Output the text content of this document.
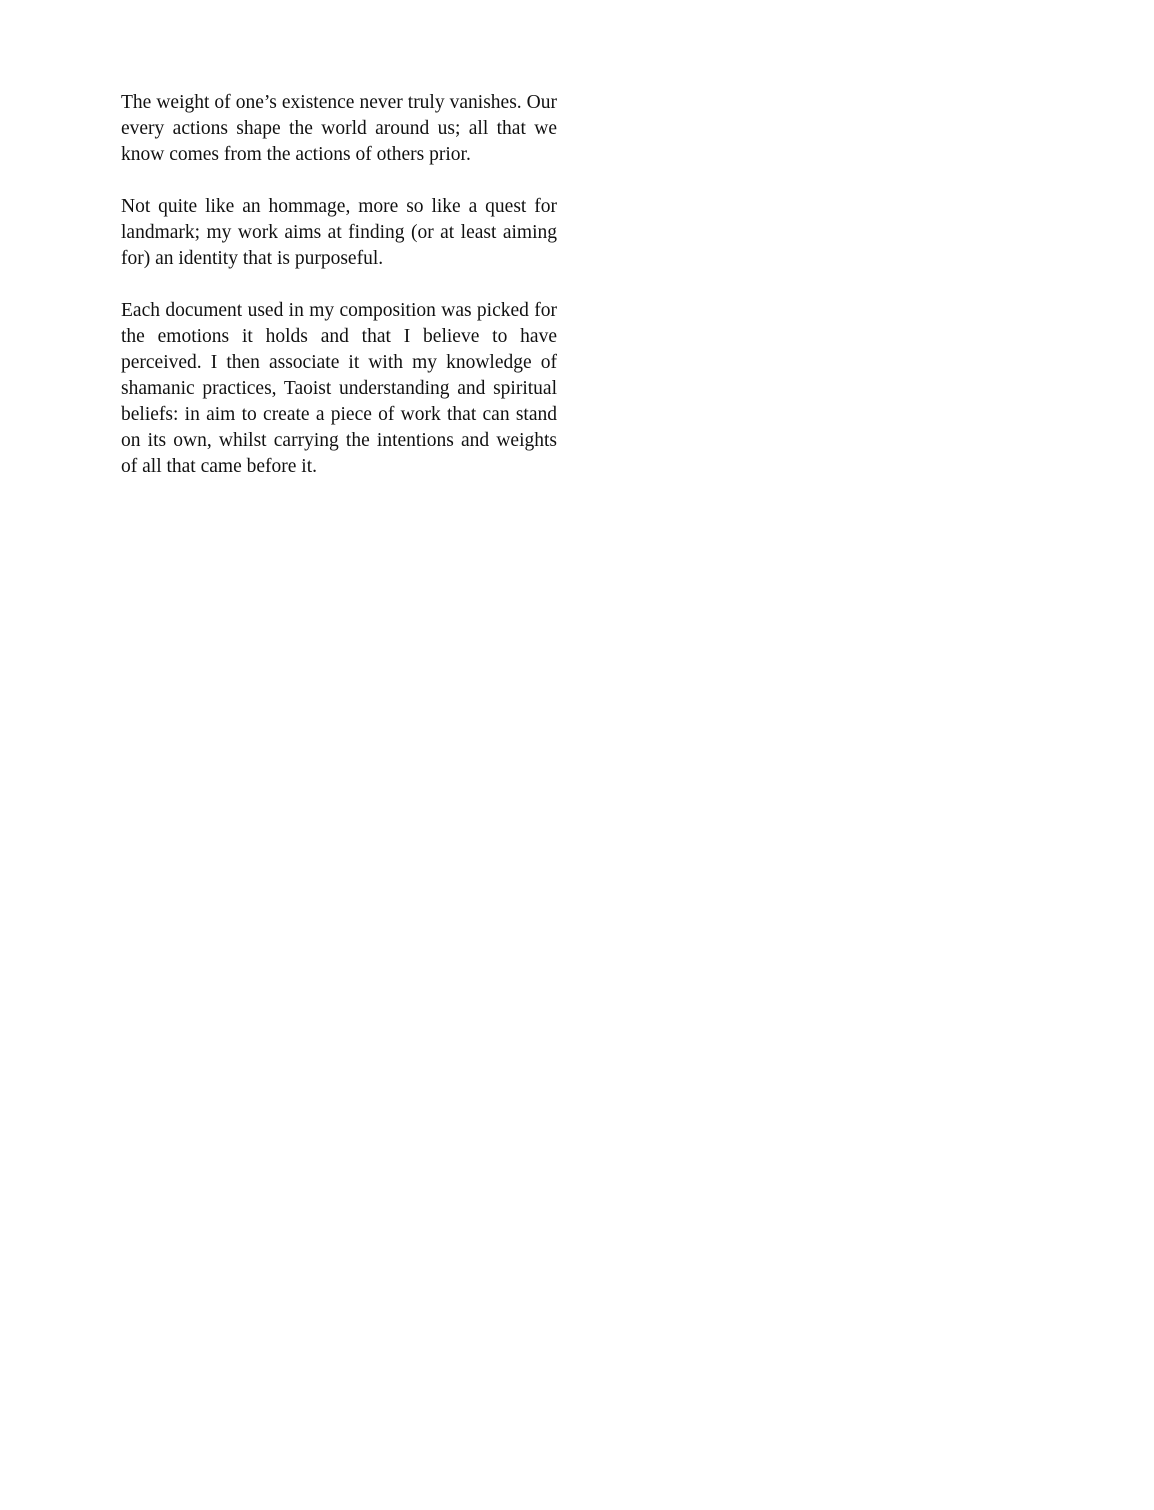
The weight of one’s existence never truly vanishes. Our every actions shape the world around us; all that we know comes from the actions of others prior.

Not quite like an hommage, more so like a quest for landmark; my work aims at finding (or at least aiming for) an identity that is purposeful.

Each document used in my composition was picked for the emotions it holds and that I believe to have perceived. I then associate it with my knowledge of shamanic practices, Taoist understanding and spiritual beliefs: in aim to create a piece of work that can stand on its own, whilst carrying the intentions and weights of all that came before it.
